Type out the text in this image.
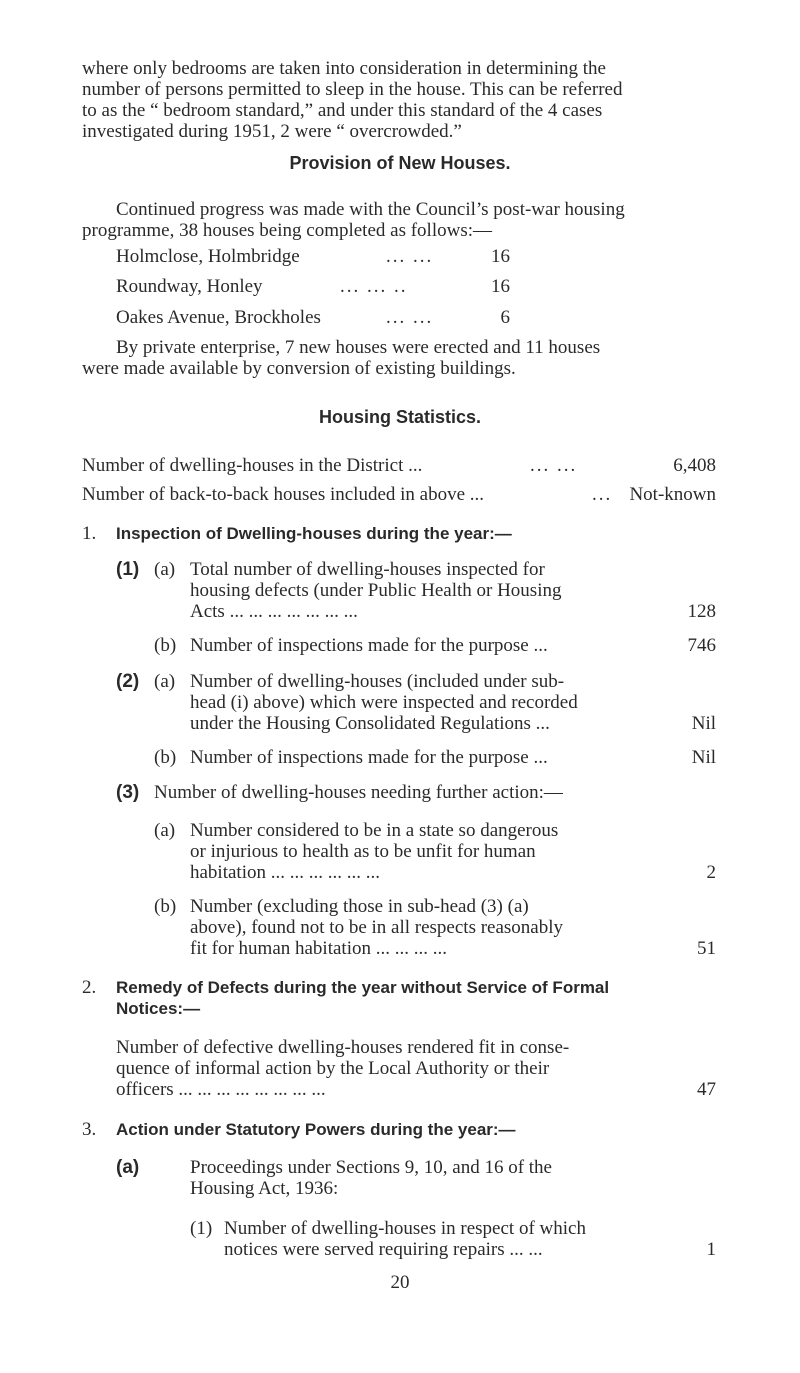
where only bedrooms are taken into consideration in determining the

number of persons permitted to sleep in the house. This can be referred

to as the “ bedroom standard,” and under this standard of the 4 cases

investigated during 1951, 2 were “ overcrowded.”

Provision of New Houses.

Continued progress was made with the Council’s post-war housing

programme, 38 houses being completed as follows:—

Holmclose, Holmbridge	... ...	16
Roundway, Honley	... ... ..	16
Oakes Avenue, Brockholes	... ...	6

By private enterprise, 7 new houses were erected and 11 houses

were made available by conversion of existing buildings.

Housing Statistics.
Number of dwelling-houses in the District ...	... ...	6,408
Number of back-to-back houses included in above ...	... Not-known
1. Inspection of Dwelling-houses during the year:—
(1) (a) Total number of dwelling-houses inspected for
housing defects (under Public Health or Housing
Acts ... ... ... ... ... ... ...	128
(b) Number of inspections made for the purpose ...	746
(2) (a) Number of dwelling-houses (included under sub-
head (i) above) which were inspected and recorded
under the Housing Consolidated Regulations ...	Nil
(b) Number of inspections made for the purpose ...	Nil
(3) Number of dwelling-houses needing further action:—
(a) Number considered to be in a state so dangerous
or injurious to health as to be unfit for human
habitation ... ... ... ... ... ...	2
(b) Number (excluding those in sub-head (3) (a)
above), found not to be in all respects reasonably
fit for human habitation ... ... ... ...	51
2. Remedy of Defects during the year without Service of Formal
Notices:—
Number of defective dwelling-houses rendered fit in conse-
quence of informal action by the Local Authority or their
officers ... ... ... ... ... ... ... ...	47
3. Action under Statutory Powers during the year:—
(a)	Proceedings under Sections 9, 10, and 16 of the
Housing Act, 1936:
(1) Number of dwelling-houses in respect of which
notices were served requiring repairs ... ...	1
20
